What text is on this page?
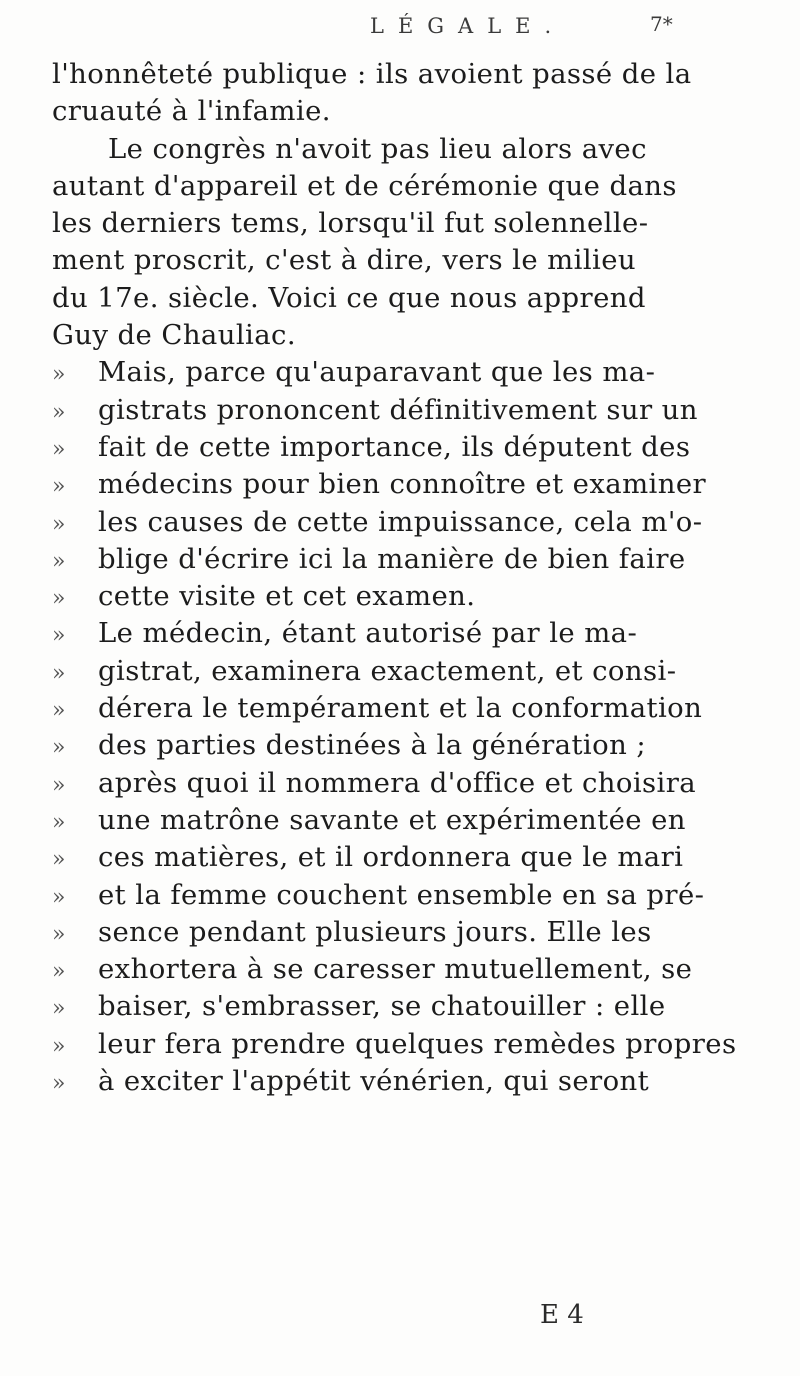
LÉGALE.	7*
l'honnêteté publique : ils avoient passé de la
cruauté à l'infamie.
Le congrès n'avoit pas lieu alors avec
autant d'appareil et de cérémonie que dans
les derniers tems, lorsqu'il fut solennelle-
ment proscrit, c'est à dire, vers le milieu
du 17e. siècle. Voici ce que nous apprend
Guy de Chauliac.
» Mais, parce qu'auparavant que les ma-
» gistrats prononcent définitivement sur un
» fait de cette importance, ils députent des
» médecins pour bien connoître et examiner
» les causes de cette impuissance, cela m'o-
» blige d'écrire ici la manière de bien faire
» cette visite et cet examen.
» Le médecin, étant autorisé par le ma-
» gistrat, examinera exactement, et consi-
» dérera le tempérament et la conformation
» des parties destinées à la génération ;
» après quoi il nommera d'office et choisira
» une matrône savante et expérimentée en
» ces matières, et il ordonnera que le mari
» et la femme couchent ensemble en sa pré-
» sence pendant plusieurs jours. Elle les
» exhortera à se caresser mutuellement, se
» baiser, s'embrasser, se chatouiller : elle
» leur fera prendre quelques remèdes propres
» à exciter l'appétit vénérien, qui seront
E 4
